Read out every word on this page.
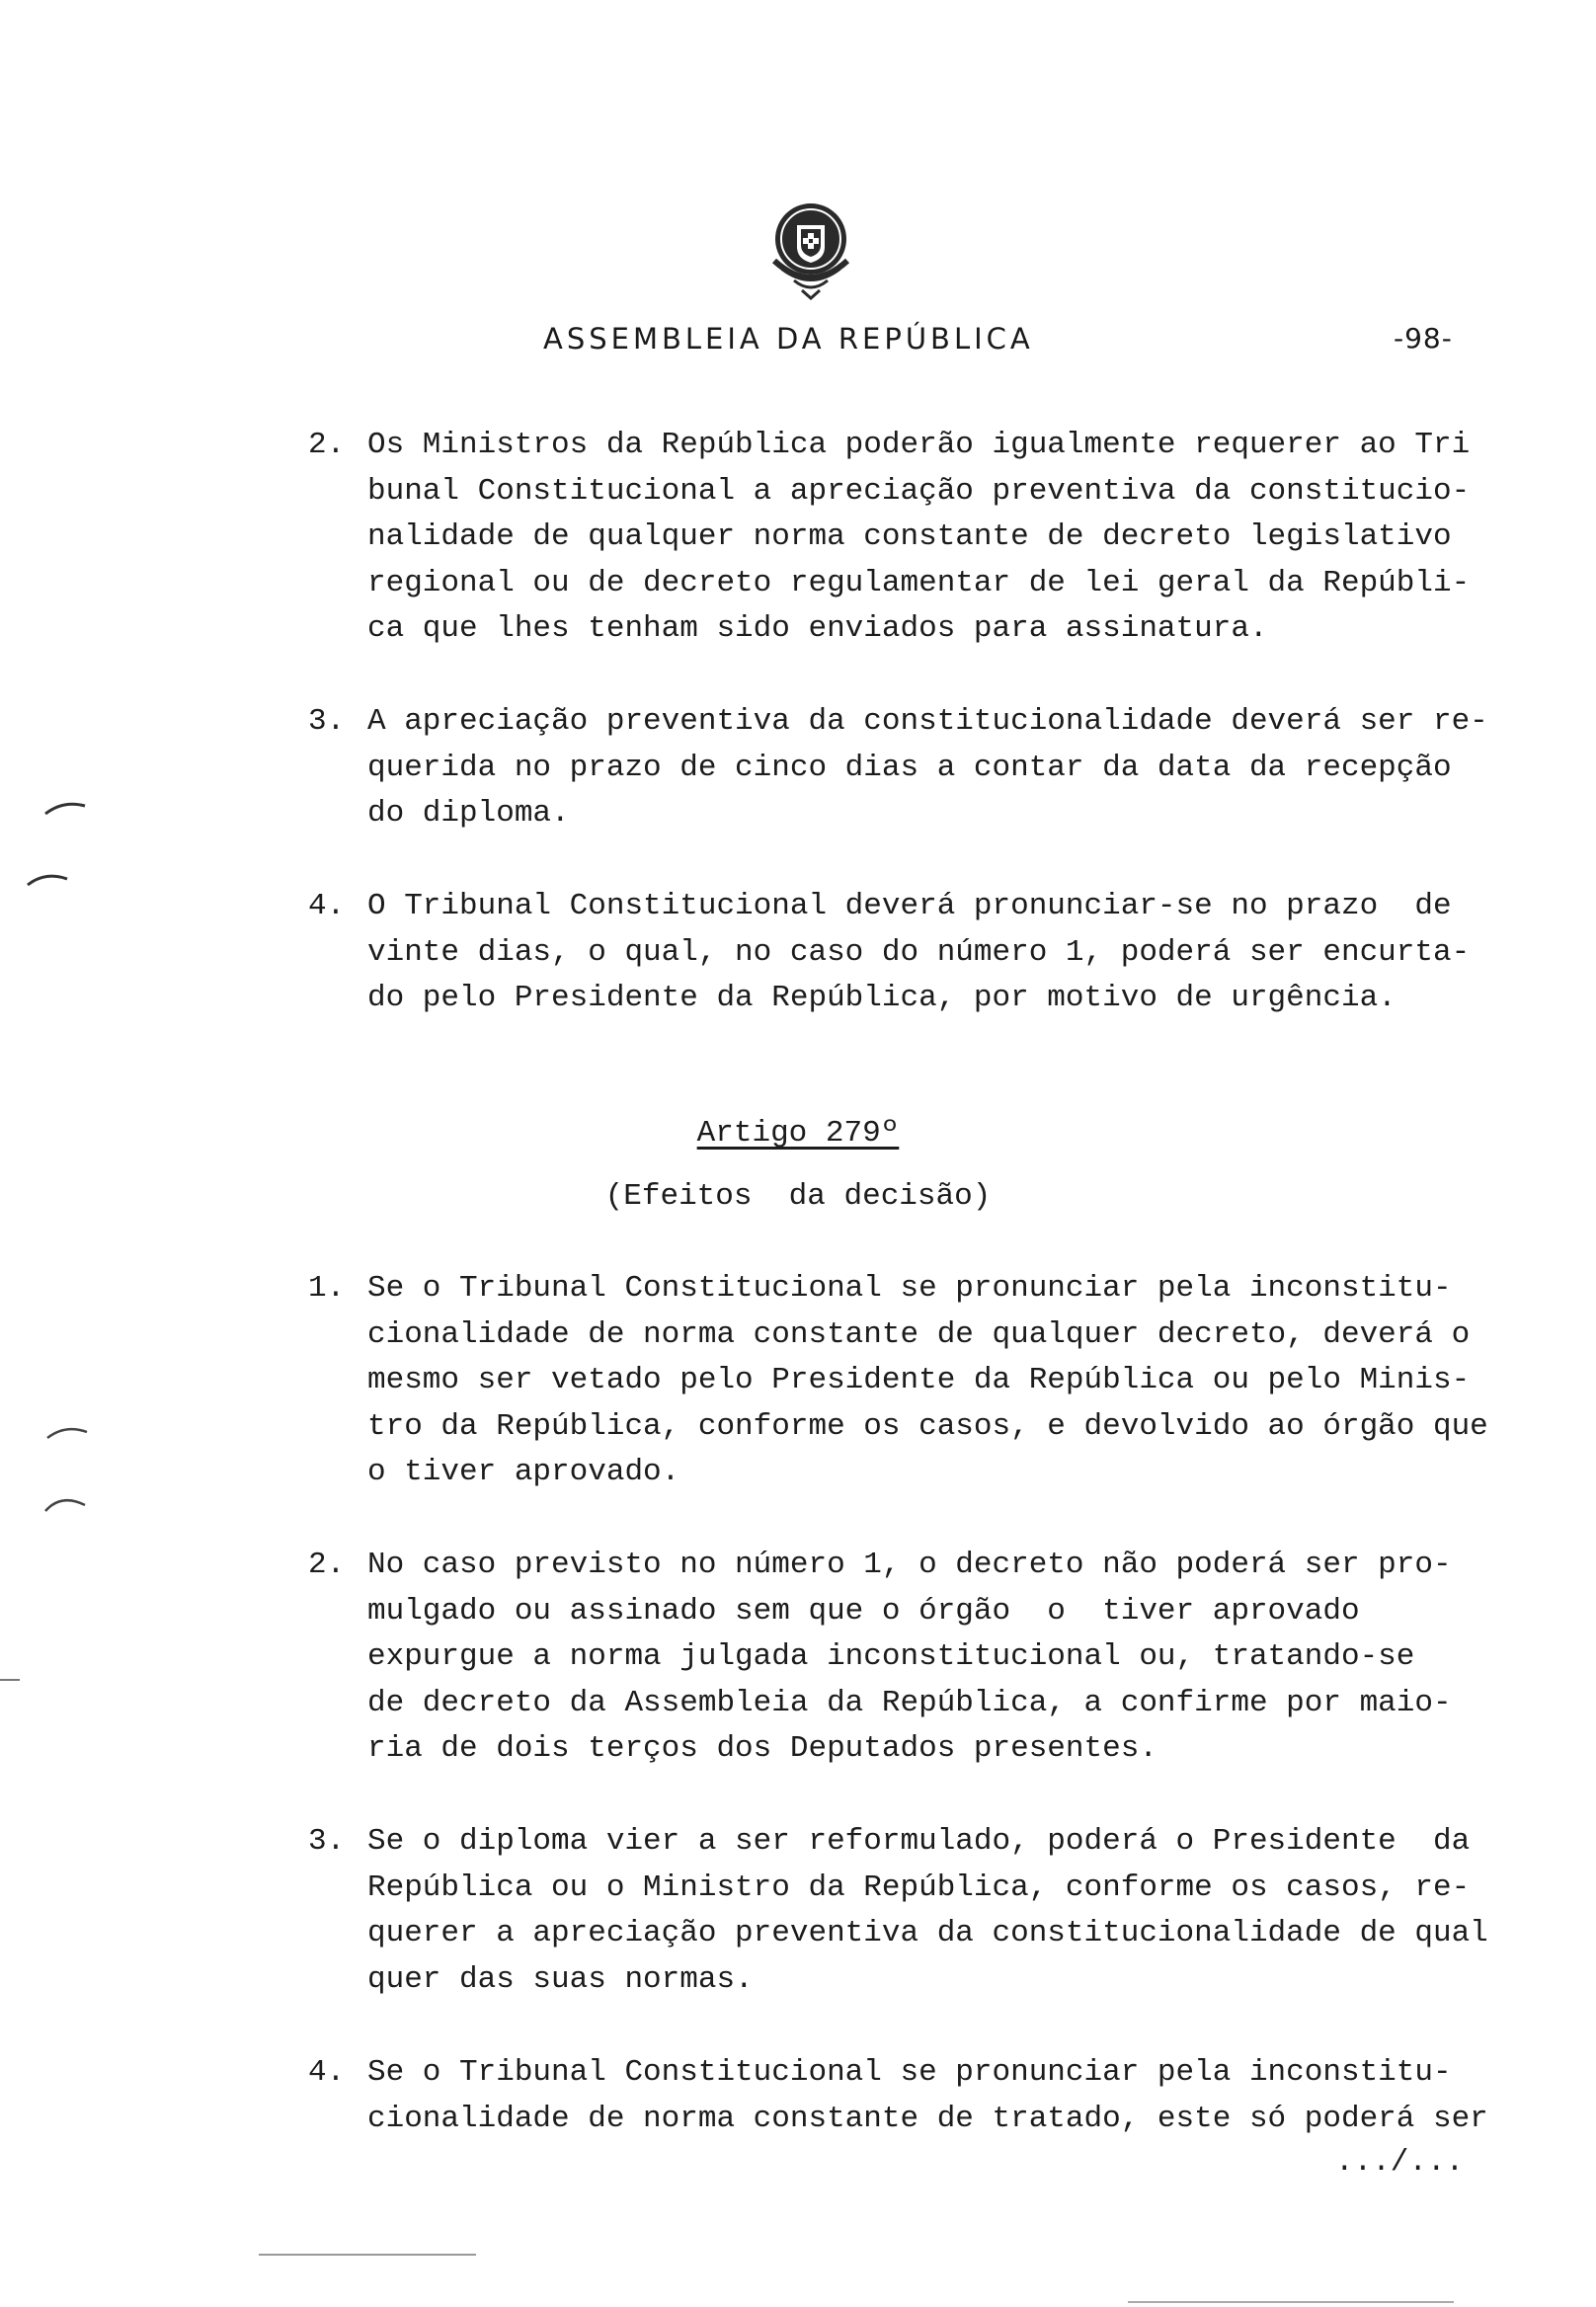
ASSEMBLEIA DA REPÚBLICA	-98-
2. Os Ministros da República poderão igualmente requerer ao Tri
bunal Constitucional a apreciação preventiva da constitucio-
nalidade de qualquer norma constante de decreto legislativo
regional ou de decreto regulamentar de lei geral da Repúbli-
ca que lhes tenham sido enviados para assinatura.
3. A apreciação preventiva da constitucionalidade deverá ser re-
querida no prazo de cinco dias a contar da data da recepção
do diploma.
4. O Tribunal Constitucional deverá pronunciar-se no prazo  de
vinte dias, o qual, no caso do número 1, poderá ser encurta-
do pelo Presidente da República, por motivo de urgência.
Artigo 279º
(Efeitos  da decisão)
1. Se o Tribunal Constitucional se pronunciar pela inconstitu-
cionalidade de norma constante de qualquer decreto, deverá o
mesmo ser vetado pelo Presidente da República ou pelo Minis-
tro da República, conforme os casos, e devolvido ao órgão que
o tiver aprovado.
2. No caso previsto no número 1, o decreto não poderá ser pro-
mulgado ou assinado sem que o órgão  o  tiver aprovado
expurgue a norma julgada inconstitucional ou, tratando-se
de decreto da Assembleia da República, a confirme por maio-
ria de dois terços dos Deputados presentes.
3. Se o diploma vier a ser reformulado, poderá o Presidente  da
República ou o Ministro da República, conforme os casos, re-
querer a apreciação preventiva da constitucionalidade de qual
quer das suas normas.
4. Se o Tribunal Constitucional se pronunciar pela inconstitu-
cionalidade de norma constante de tratado, este só poderá ser
.../...
